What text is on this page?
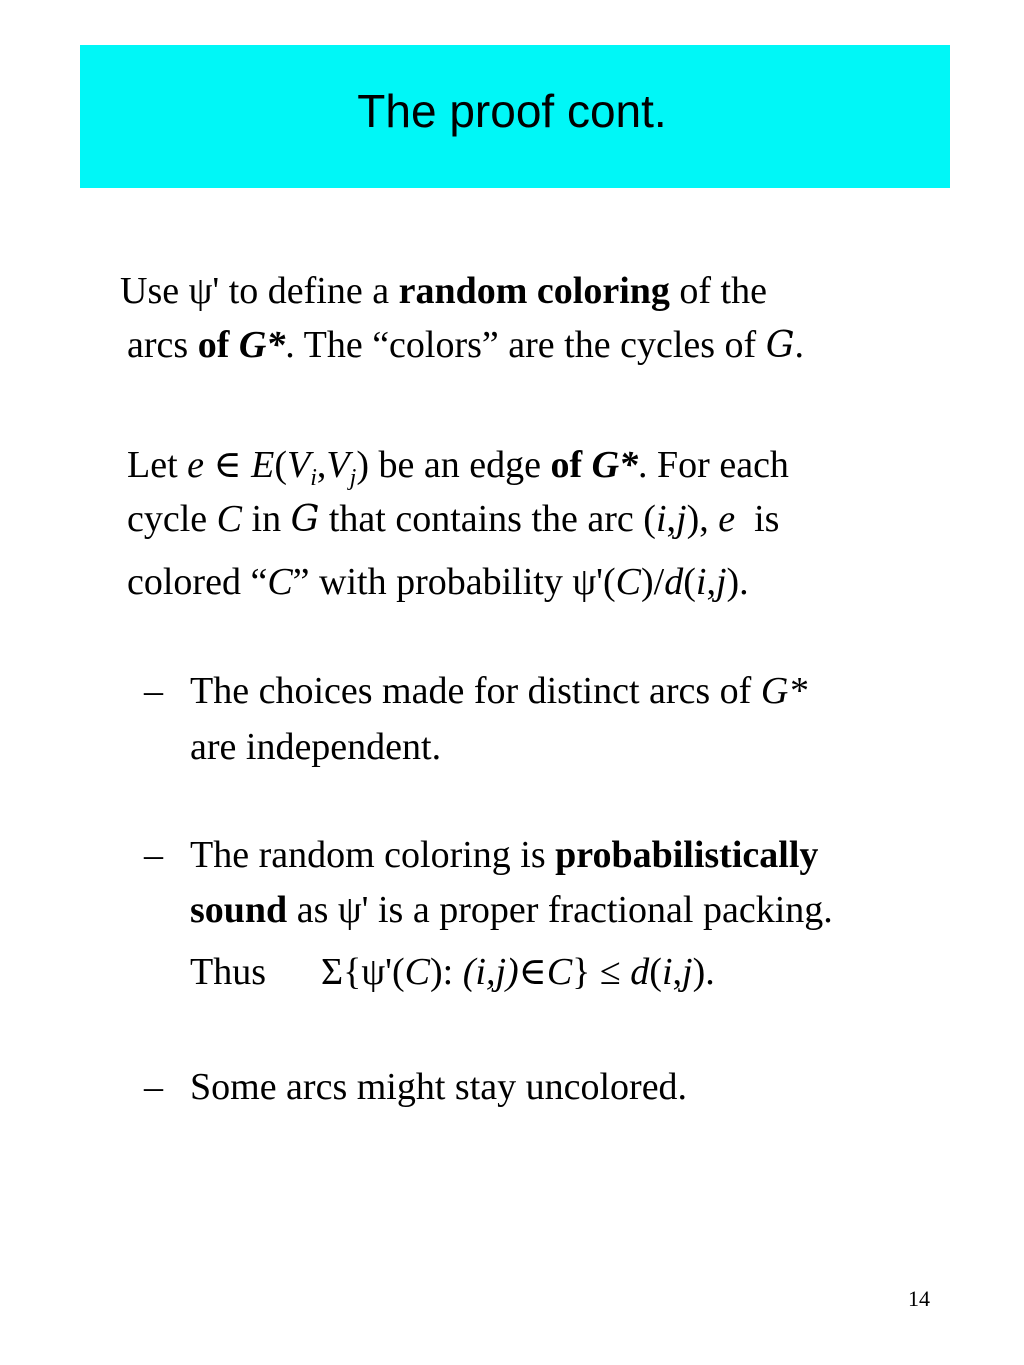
The proof cont.
Use ψ' to define a random coloring of the
arcs of G*. The “colors” are the cycles of G.
Let e ∈ $E(V_i,V_j)$ be an edge of G*. For each
cycle C in G that contains the arc (i,j), e is
colored “C” with probability ψ'(C)/d(i,j).
– The choices made for distinct arcs of G*
are independent.
– The random coloring is probabilistically
sound as ψ' is a proper fractional packing.
Thus Σ{ψ'(C): (i,j)∈C} ≤ d(i,j).
– Some arcs might stay uncolored.
14
